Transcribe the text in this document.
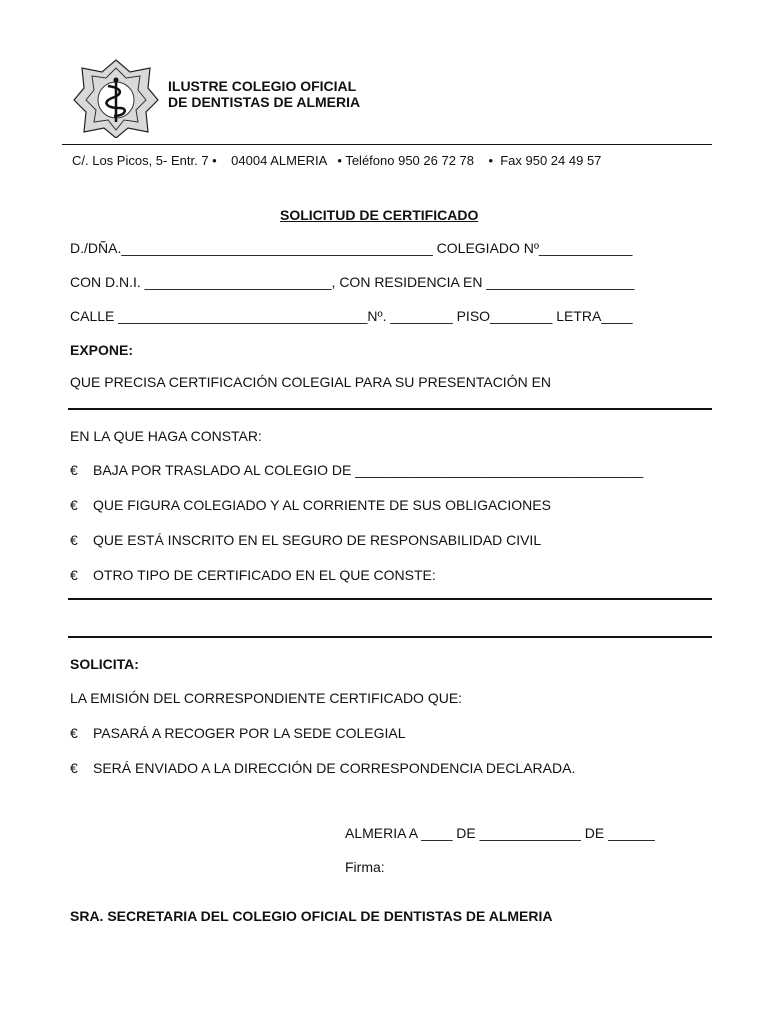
ILUSTRE COLEGIO OFICIAL
DE DENTISTAS DE ALMERIA
C/. Los Picos, 5- Entr. 7 •    04004 ALMERIA   • Teléfono 950 26 72 78    •  Fax 950 24 49 57
SOLICITUD DE CERTIFICADO
D./DÑA.________________________________________ COLEGIADO Nº____________
CON D.N.I. ________________________, CON RESIDENCIA EN ___________________
CALLE ________________________________Nº. ________ PISO________ LETRA____
EXPONE:
QUE PRECISA CERTIFICACIÓN COLEGIAL PARA SU PRESENTACIÓN EN
EN LA QUE HAGA CONSTAR:
€ BAJA POR TRASLADO AL COLEGIO DE _____________________________________
€ QUE FIGURA COLEGIADO Y AL CORRIENTE DE SUS OBLIGACIONES
€ QUE ESTÁ INSCRITO EN EL SEGURO DE RESPONSABILIDAD CIVIL
€ OTRO TIPO DE CERTIFICADO EN EL QUE CONSTE:
SOLICITA:
LA EMISIÓN DEL CORRESPONDIENTE CERTIFICADO QUE:
€ PASARÁ A RECOGER POR LA SEDE COLEGIAL
€ SERÁ ENVIADO A LA DIRECCIÓN DE CORRESPONDENCIA DECLARADA.
ALMERIA A ____ DE _____________ DE ______
Firma:
SRA. SECRETARIA DEL COLEGIO OFICIAL DE DENTISTAS DE ALMERIA
